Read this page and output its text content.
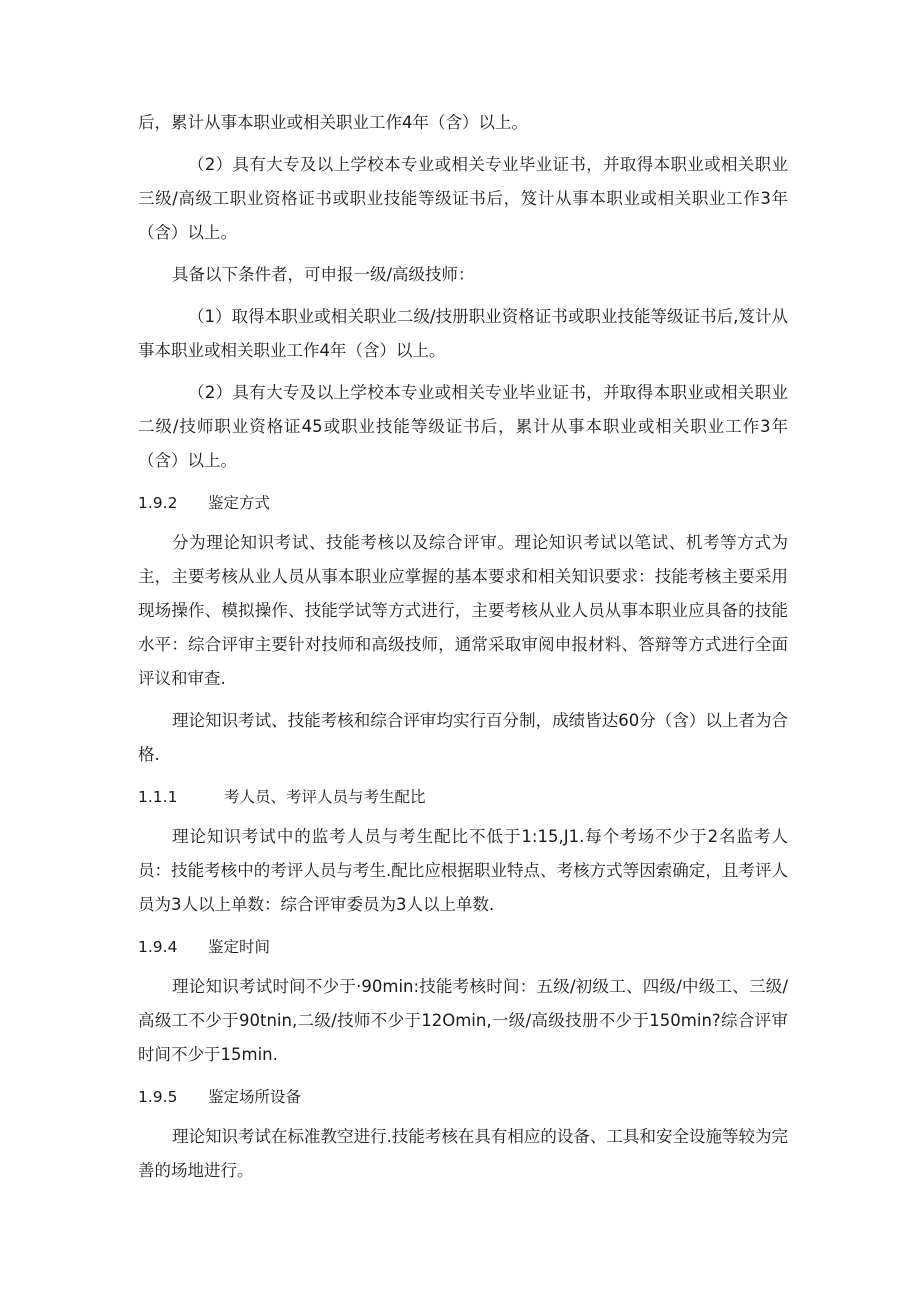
后，累计从事本职业或相关职业工作4年（含）以上。

（2）具有大专及以上学校本专业或相关专业毕业证书，并取得本职业或相关职业三级/高级工职业资格证书或职业技能等级证书后，笈计从事本职业或相关职业工作3年（含）以上。

具备以下条件者，可申报一级/高级技师：

（1）取得本职业或相关职业二级/技册职业资格证书或职业技能等级证书后,笈计从事本职业或相关职业工作4年（含）以上。

（2）具有大专及以上学校本专业或相关专业毕业证书，并取得本职业或相关职业二级/技师职业资格证45或职业技能等级证书后，累计从事本职业或相关职业工作3年（含）以上。

1.9.2 鉴定方式

分为理论知识考试、技能考核以及综合评审。理论知识考试以笔试、机考等方式为主，主要考核从业人员从事本职业应掌握的基本要求和相关知识要求：技能考核主要采用现场操作、模拟操作、技能学试等方式进行，主要考核从业人员从事本职业应具备的技能水平：综合评审主要针对技师和高级技师，通常采取审阅申报材料、答辩等方式进行全面评议和审查.

理论知识考试、技能考核和综合评审均实行百分制，成绩皆达60分（含）以上者为合格.

1.1.1	考人员、考评人员与考生配比

理论知识考试中的监考人员与考生配比不低于1:15,J1.每个考场不少于2名监考人员：技能考核中的考评人员与考生.配比应根据职业特点、考核方式等因索确定，且考评人员为3人以上单数：综合评审委员为3人以上单数.

1.9.4 鉴定时间

理论知识考试时间不少于·90min:技能考核时间：五级/初级工、四级/中级工、三级/高级工不少于90tnin,二级/技师不少于12Omin,一级/高级技册不少于150min?综合评审时间不少于15min.

1.9.5 鉴定场所设备

理论知识考试在标准教空进行.技能考核在具有相应的设备、工具和安全设施等较为完善的场地进行。
